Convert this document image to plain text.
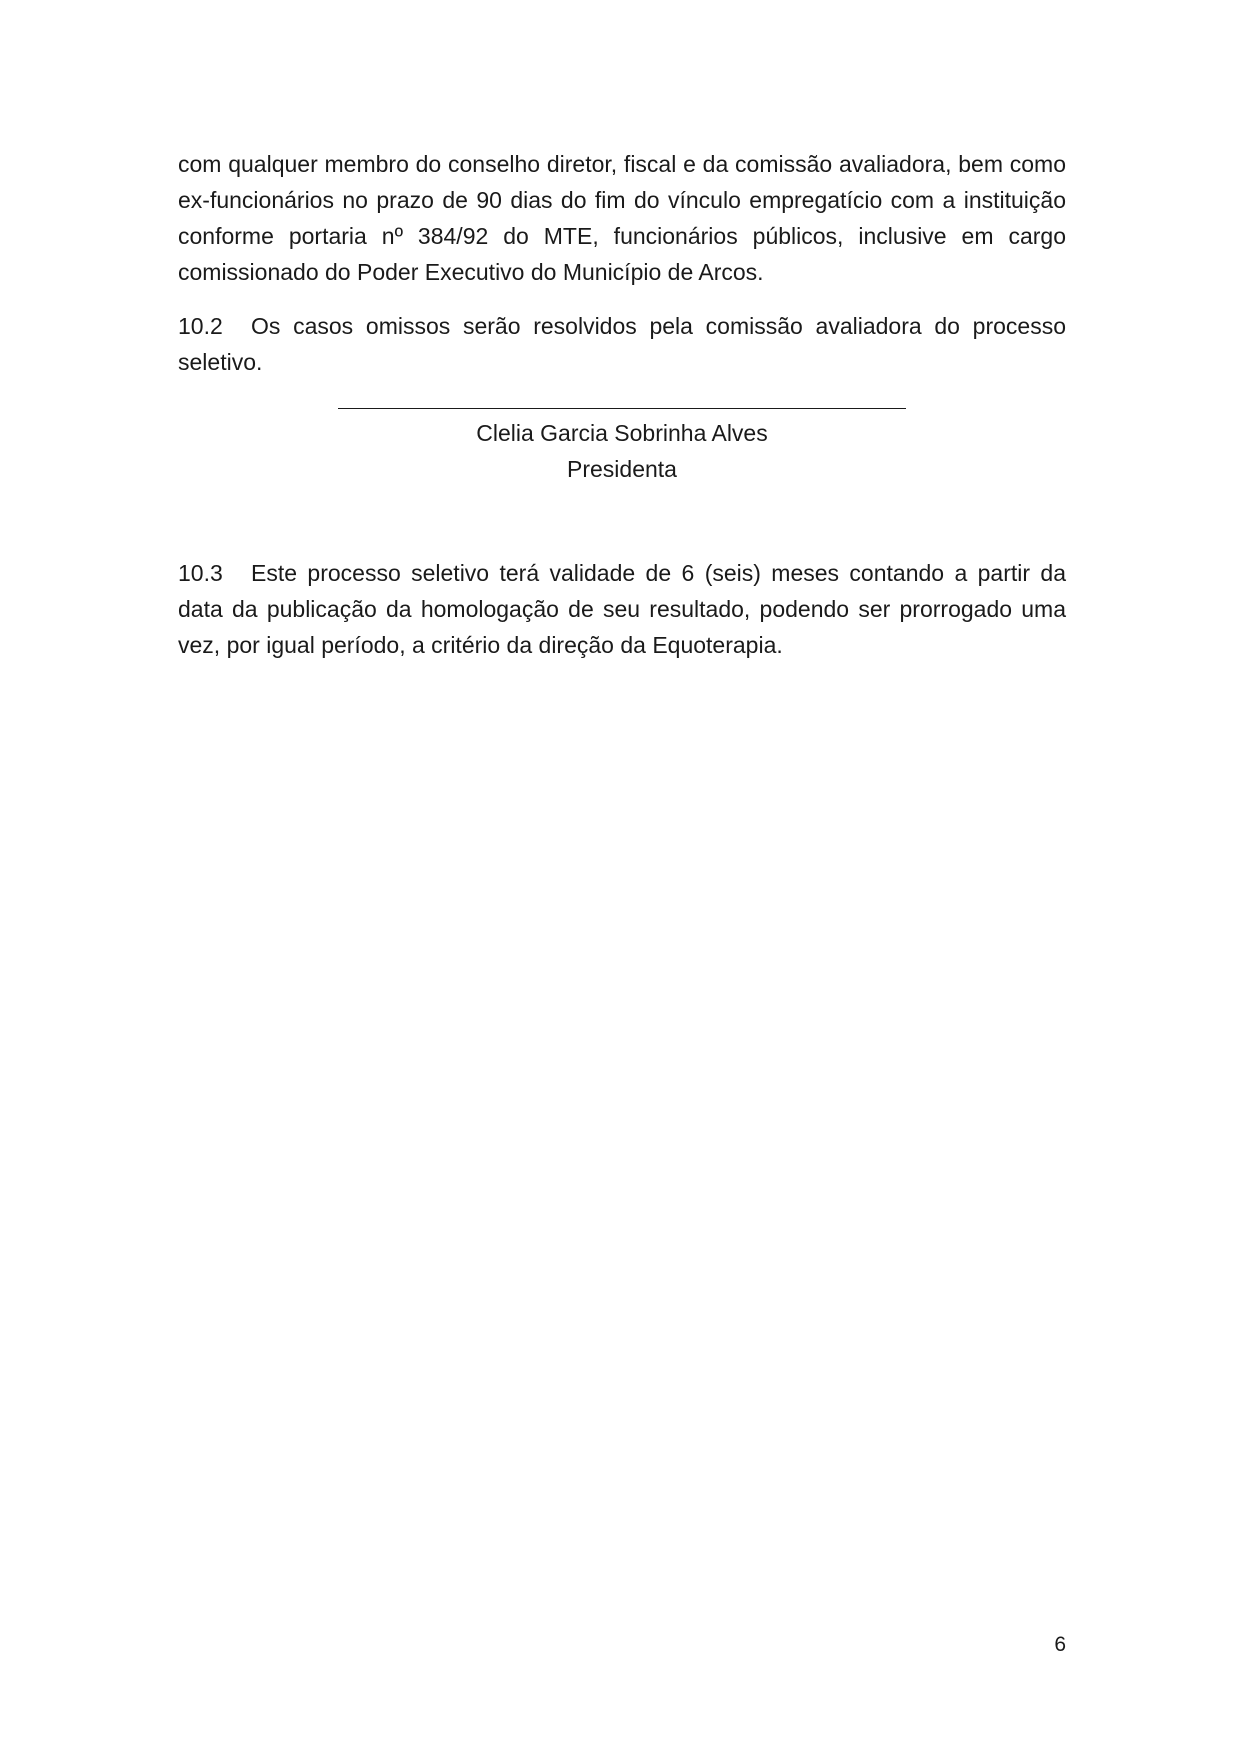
com qualquer membro do conselho diretor, fiscal e da comissão avaliadora, bem como ex-funcionários no prazo de 90 dias do fim do vínculo empregatício com a instituição conforme portaria nº 384/92 do MTE, funcionários públicos, inclusive em cargo comissionado do Poder Executivo do Município de Arcos.

10.2 Os casos omissos serão resolvidos pela comissão avaliadora do processo seletivo.

Clelia Garcia Sobrinha Alves
Presidenta

10.3 Este processo seletivo terá validade de 6 (seis) meses contando a partir da data da publicação da homologação de seu resultado, podendo ser prorrogado uma vez, por igual período, a critério da direção da Equoterapia.

6
